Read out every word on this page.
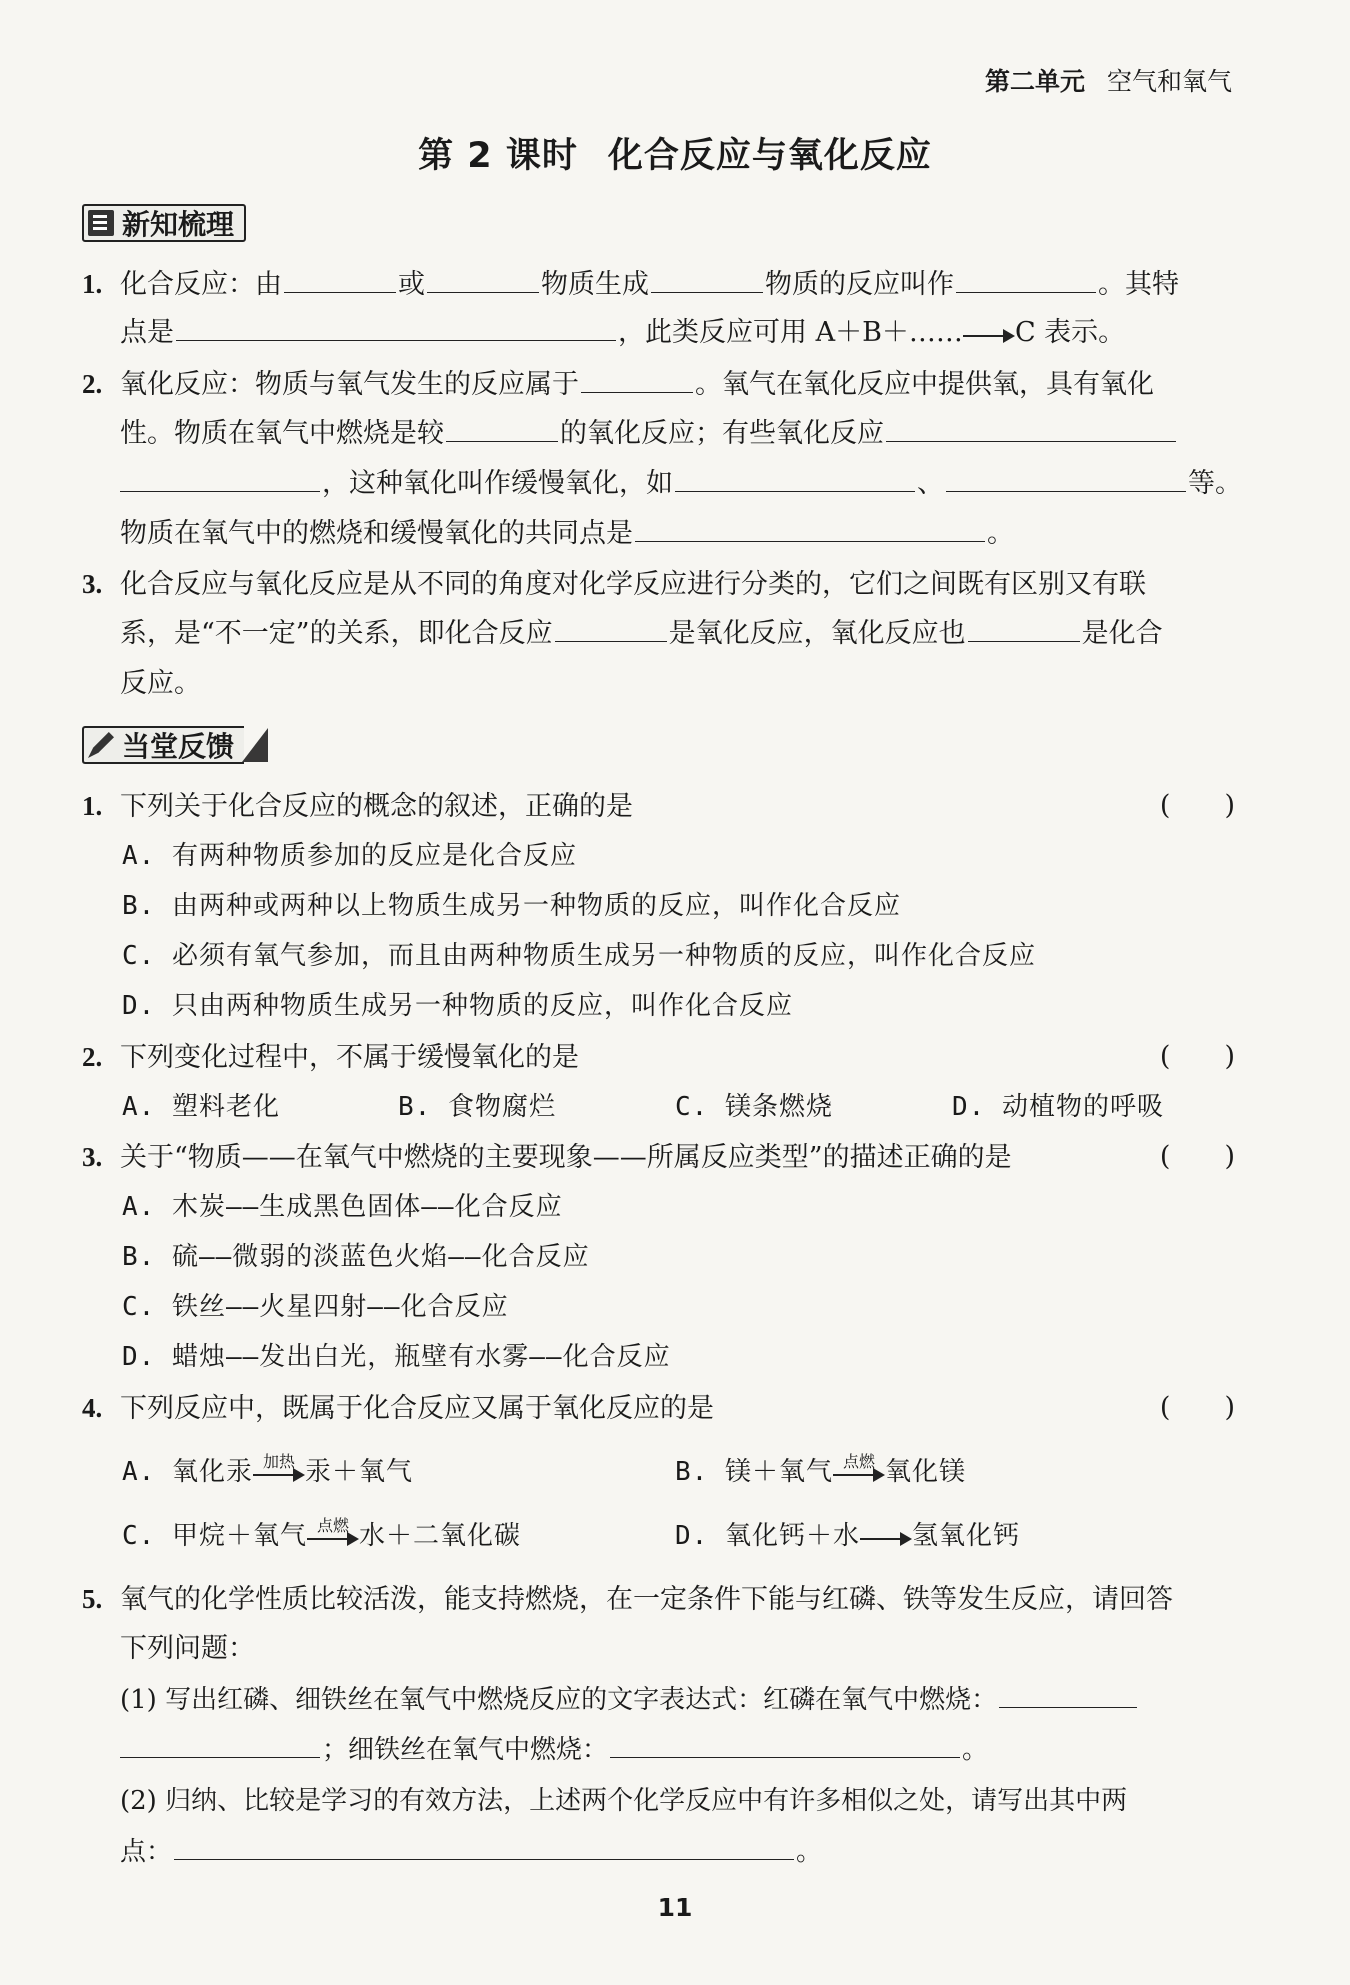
第二单元 空气和氧气
第 2 课时 化合反应与氧化反应
新知梳理
1. 化合反应：由	或	物质生成	物质的反应叫作	。其特
点是	，此类反应可用 A＋B＋…… C 表示。
2. 氧化反应：物质与氧气发生的反应属于	。氧气在氧化反应中提供氧，具有氧化
性。物质在氧气中燃烧是较	的氧化反应；有些氧化反应
，这种氧化叫作缓慢氧化，如	、	等。
物质在氧气中的燃烧和缓慢氧化的共同点是	。
3. 化合反应与氧化反应是从不同的角度对化学反应进行分类的，它们之间既有区别又有联
系，是“不一定”的关系，即化合反应	是氧化反应，氧化反应也	是化合
反应。
当堂反馈
1. 下列关于化合反应的概念的叙述，正确的是	(　　)
A. 有两种物质参加的反应是化合反应
B. 由两种或两种以上物质生成另一种物质的反应，叫作化合反应
C. 必须有氧气参加，而且由两种物质生成另一种物质的反应，叫作化合反应
D. 只由两种物质生成另一种物质的反应，叫作化合反应
2. 下列变化过程中，不属于缓慢氧化的是	(　　)
A. 塑料老化	B. 食物腐烂	C. 镁条燃烧	D. 动植物的呼吸
3. 关于“物质——在氧气中燃烧的主要现象——所属反应类型”的描述正确的是	(　　)
A. 木炭——生成黑色固体——化合反应
B. 硫——微弱的淡蓝色火焰——化合反应
C. 铁丝——火星四射——化合反应
D. 蜡烛——发出白光，瓶壁有水雾——化合反应
4. 下列反应中，既属于化合反应又属于氧化反应的是	(　　)
A. 氧化汞 加热 汞＋氧气	B. 镁＋氧气 点燃 氧化镁
C. 甲烷＋氧气 点燃 水＋二氧化碳	D. 氧化钙＋水 氢氧化钙
5. 氧气的化学性质比较活泼，能支持燃烧，在一定条件下能与红磷、铁等发生反应，请回答
下列问题：
(1) 写出红磷、细铁丝在氧气中燃烧反应的文字表达式：红磷在氧气中燃烧：
；细铁丝在氧气中燃烧：	。
(2) 归纳、比较是学习的有效方法，上述两个化学反应中有许多相似之处，请写出其中两
点：	。
11
